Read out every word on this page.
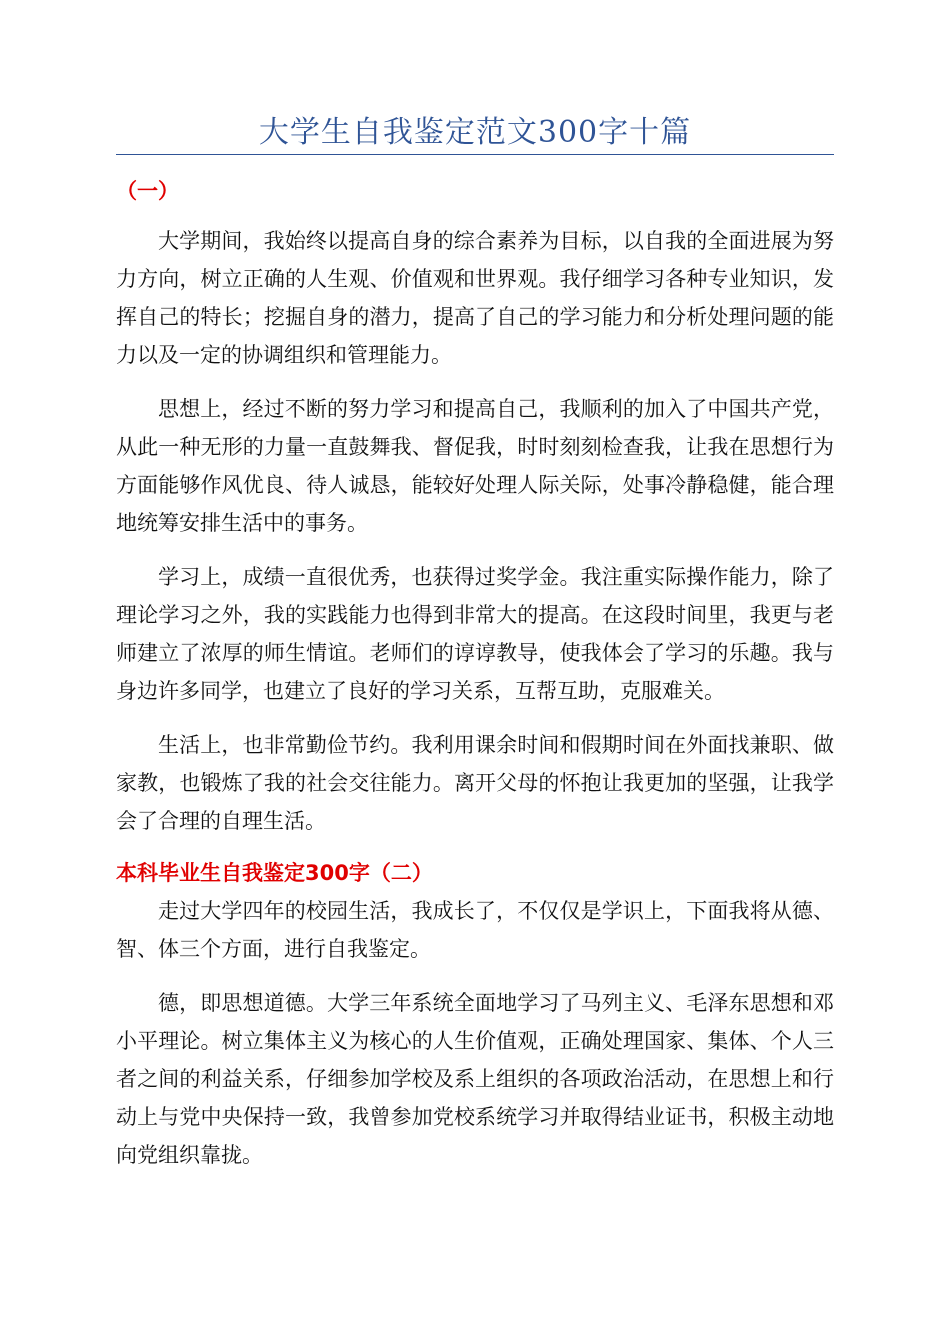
大学生自我鉴定范文300字十篇
（一）

大学期间，我始终以提高自身的综合素养为目标，以自我的全面进展为努力方向，树立正确的人生观、价值观和世界观。我仔细学习各种专业知识，发挥自己的特长；挖掘自身的潜力，提高了自己的学习能力和分析处理问题的能力以及一定的协调组织和管理能力。

思想上，经过不断的努力学习和提高自己，我顺利的加入了中国共产党，从此一种无形的力量一直鼓舞我、督促我，时时刻刻检查我，让我在思想行为方面能够作风优良、待人诚恳，能较好处理人际关际，处事冷静稳健，能合理地统筹安排生活中的事务。

学习上，成绩一直很优秀，也获得过奖学金。我注重实际操作能力，除了理论学习之外，我的实践能力也得到非常大的提高。在这段时间里，我更与老师建立了浓厚的师生情谊。老师们的谆谆教导，使我体会了学习的乐趣。我与身边许多同学，也建立了良好的学习关系，互帮互助，克服难关。

生活上，也非常勤俭节约。我利用课余时间和假期时间在外面找兼职、做家教，也锻炼了我的社会交往能力。离开父母的怀抱让我更加的坚强，让我学会了合理的自理生活。

本科毕业生自我鉴定300字（二）

走过大学四年的校园生活，我成长了，不仅仅是学识上，下面我将从德、智、体三个方面，进行自我鉴定。

德，即思想道德。大学三年系统全面地学习了马列主义、毛泽东思想和邓小平理论。树立集体主义为核心的人生价值观，正确处理国家、集体、个人三者之间的利益关系，仔细参加学校及系上组织的各项政治活动，在思想上和行动上与党中央保持一致，我曾参加党校系统学习并取得结业证书，积极主动地向党组织靠拢。
